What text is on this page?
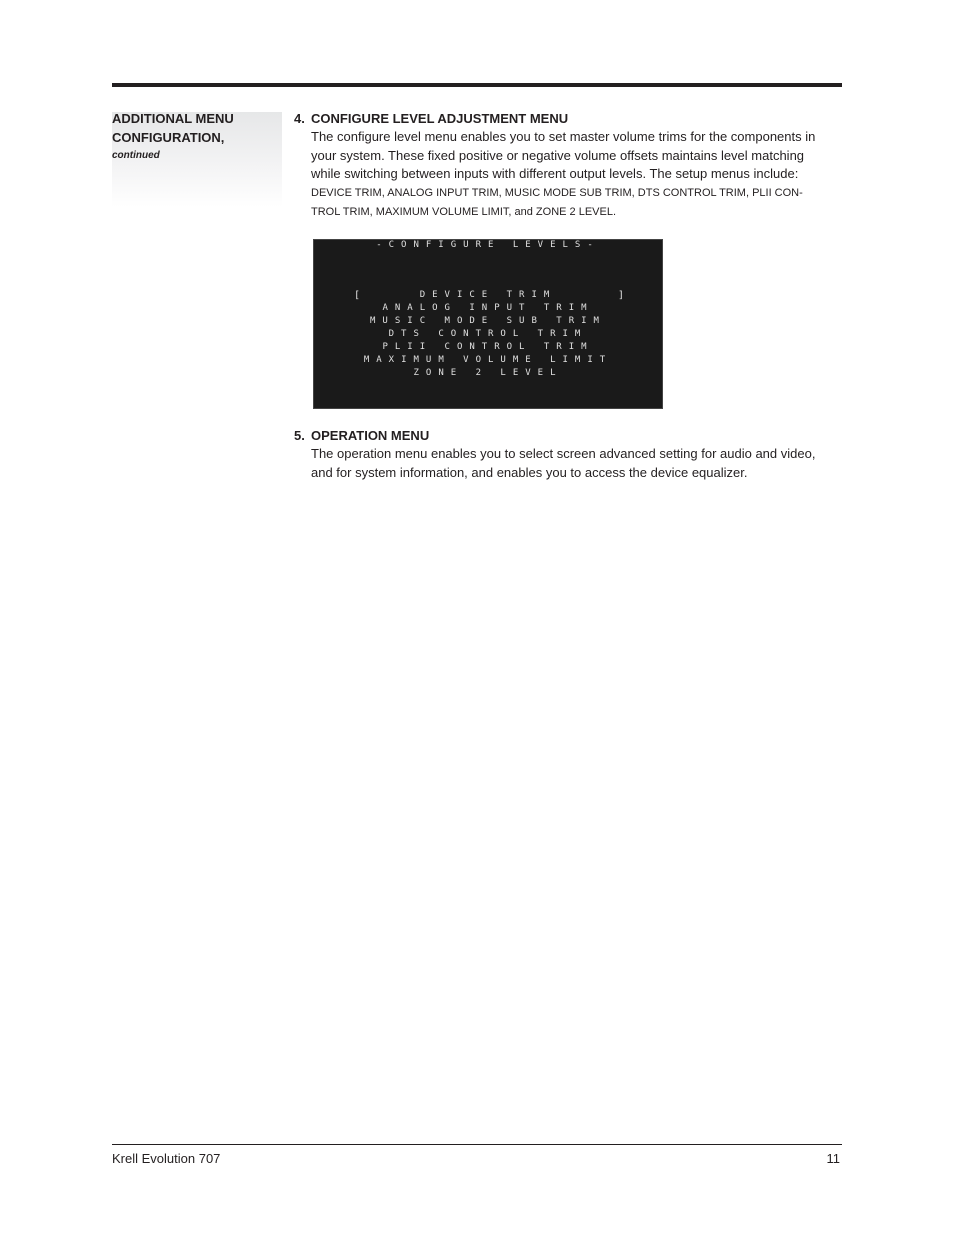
ADDITIONAL MENU
CONFIGURATION,
continued
4. CONFIGURE LEVEL ADJUSTMENT MENU
The configure level menu enables you to set master volume trims for the components in
your system. These fixed positive or negative volume offsets maintains level matching
while switching between inputs with different output levels. The setup menus include:
DEVICE TRIM, ANALOG INPUT TRIM, MUSIC MODE SUB TRIM, DTS CONTROL TRIM, PLII CON-
TROL TRIM, MAXIMUM VOLUME LIMIT, and ZONE 2 LEVEL.
-CONFIGURE LEVELS-
[	]
DEVICE TRIM
ANALOG INPUT TRIM
MUSIC MODE SUB TRIM
DTS CONTROL TRIM
PLII CONTROL TRIM
MAXIMUM VOLUME LIMIT
ZONE 2 LEVEL
5. OPERATION MENU
The operation menu enables you to select screen advanced setting for audio and video,
and for system information, and enables you to access the device equalizer.
Krell Evolution 707	11
